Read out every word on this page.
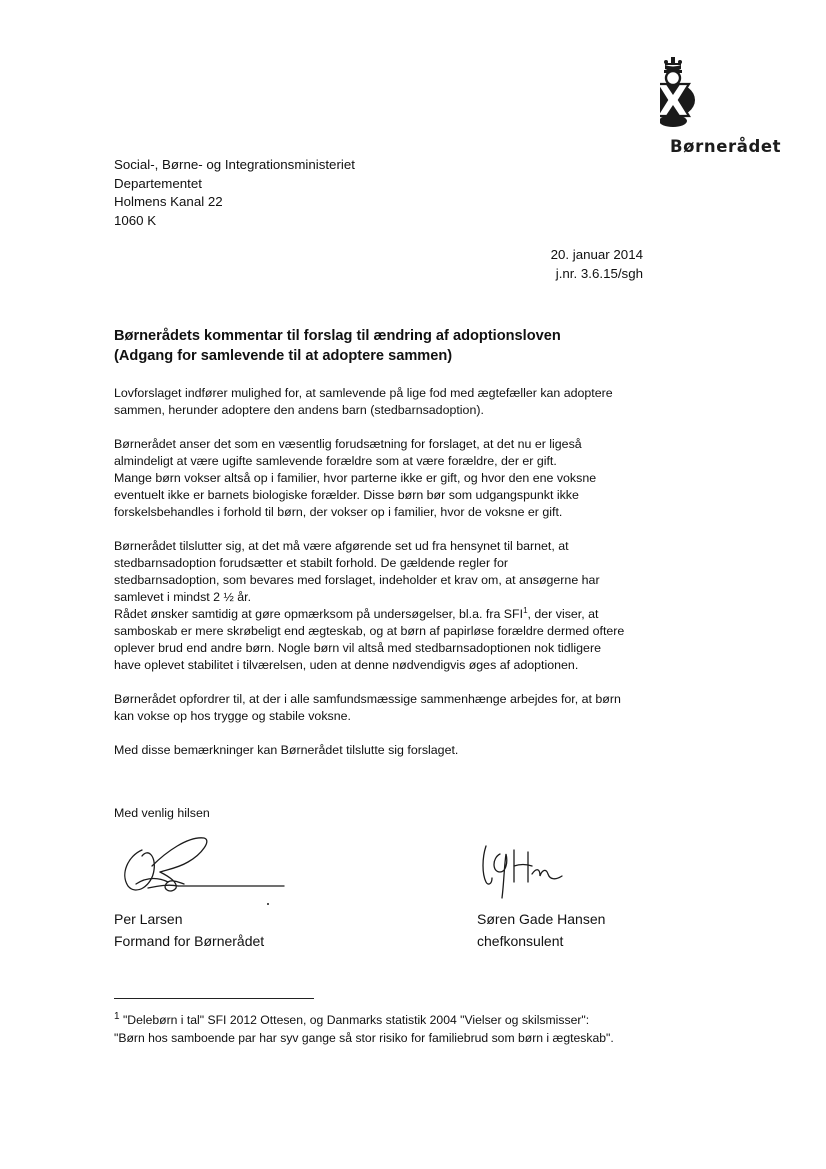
Børnerådet
Social-, Børne- og Integrationsministeriet
Departementet
Holmens Kanal 22
1060 K
20. januar 2014
j.nr. 3.6.15/sgh
Børnerådets kommentar til forslag til ændring af adoptionsloven
(Adgang for samlevende til at adoptere sammen)

Lovforslaget indfører mulighed for, at samlevende på lige fod med ægtefæller kan adoptere
sammen, herunder adoptere den andens barn (stedbarnsadoption).

Børnerådet anser det som en væsentlig forudsætning for forslaget, at det nu er ligeså
almindeligt at være ugifte samlevende forældre som at være forældre, der er gift.
Mange børn vokser altså op i familier, hvor parterne ikke er gift, og hvor den ene voksne
eventuelt ikke er barnets biologiske forælder. Disse børn bør som udgangspunkt ikke
forskelsbehandles i forhold til børn, der vokser op i familier, hvor de voksne er gift.

Børnerådet tilslutter sig, at det må være afgørende set ud fra hensynet til barnet, at
stedbarnsadoption forudsætter et stabilt forhold. De gældende regler for
stedbarnsadoption, som bevares med forslaget, indeholder et krav om, at ansøgerne har
samlevet i mindst 2 ½ år.
Rådet ønsker samtidig at gøre opmærksom på undersøgelser, bl.a. fra SFI$^1$, der viser, at
samboskab er mere skrøbeligt end ægteskab, og at børn af papirløse forældre dermed oftere
oplever brud end andre børn. Nogle børn vil altså med stedbarnsadoptionen nok tidligere
have oplevet stabilitet i tilværelsen, uden at denne nødvendigvis øges af adoptionen.

Børnerådet opfordrer til, at der i alle samfundsmæssige sammenhænge arbejdes for, at børn
kan vokse op hos trygge og stabile voksne.

Med disse bemærkninger kan Børnerådet tilslutte sig forslaget.

Med venlig hilsen
Per Larsen
Formand for Børnerådet
Søren Gade Hansen
chefkonsulent
$^1$ "Delebørn i tal" SFI 2012 Ottesen, og Danmarks statistik 2004 "Vielser og skilsmisser":
"Børn hos samboende par har syv gange så stor risiko for familiebrud som børn i ægteskab".
